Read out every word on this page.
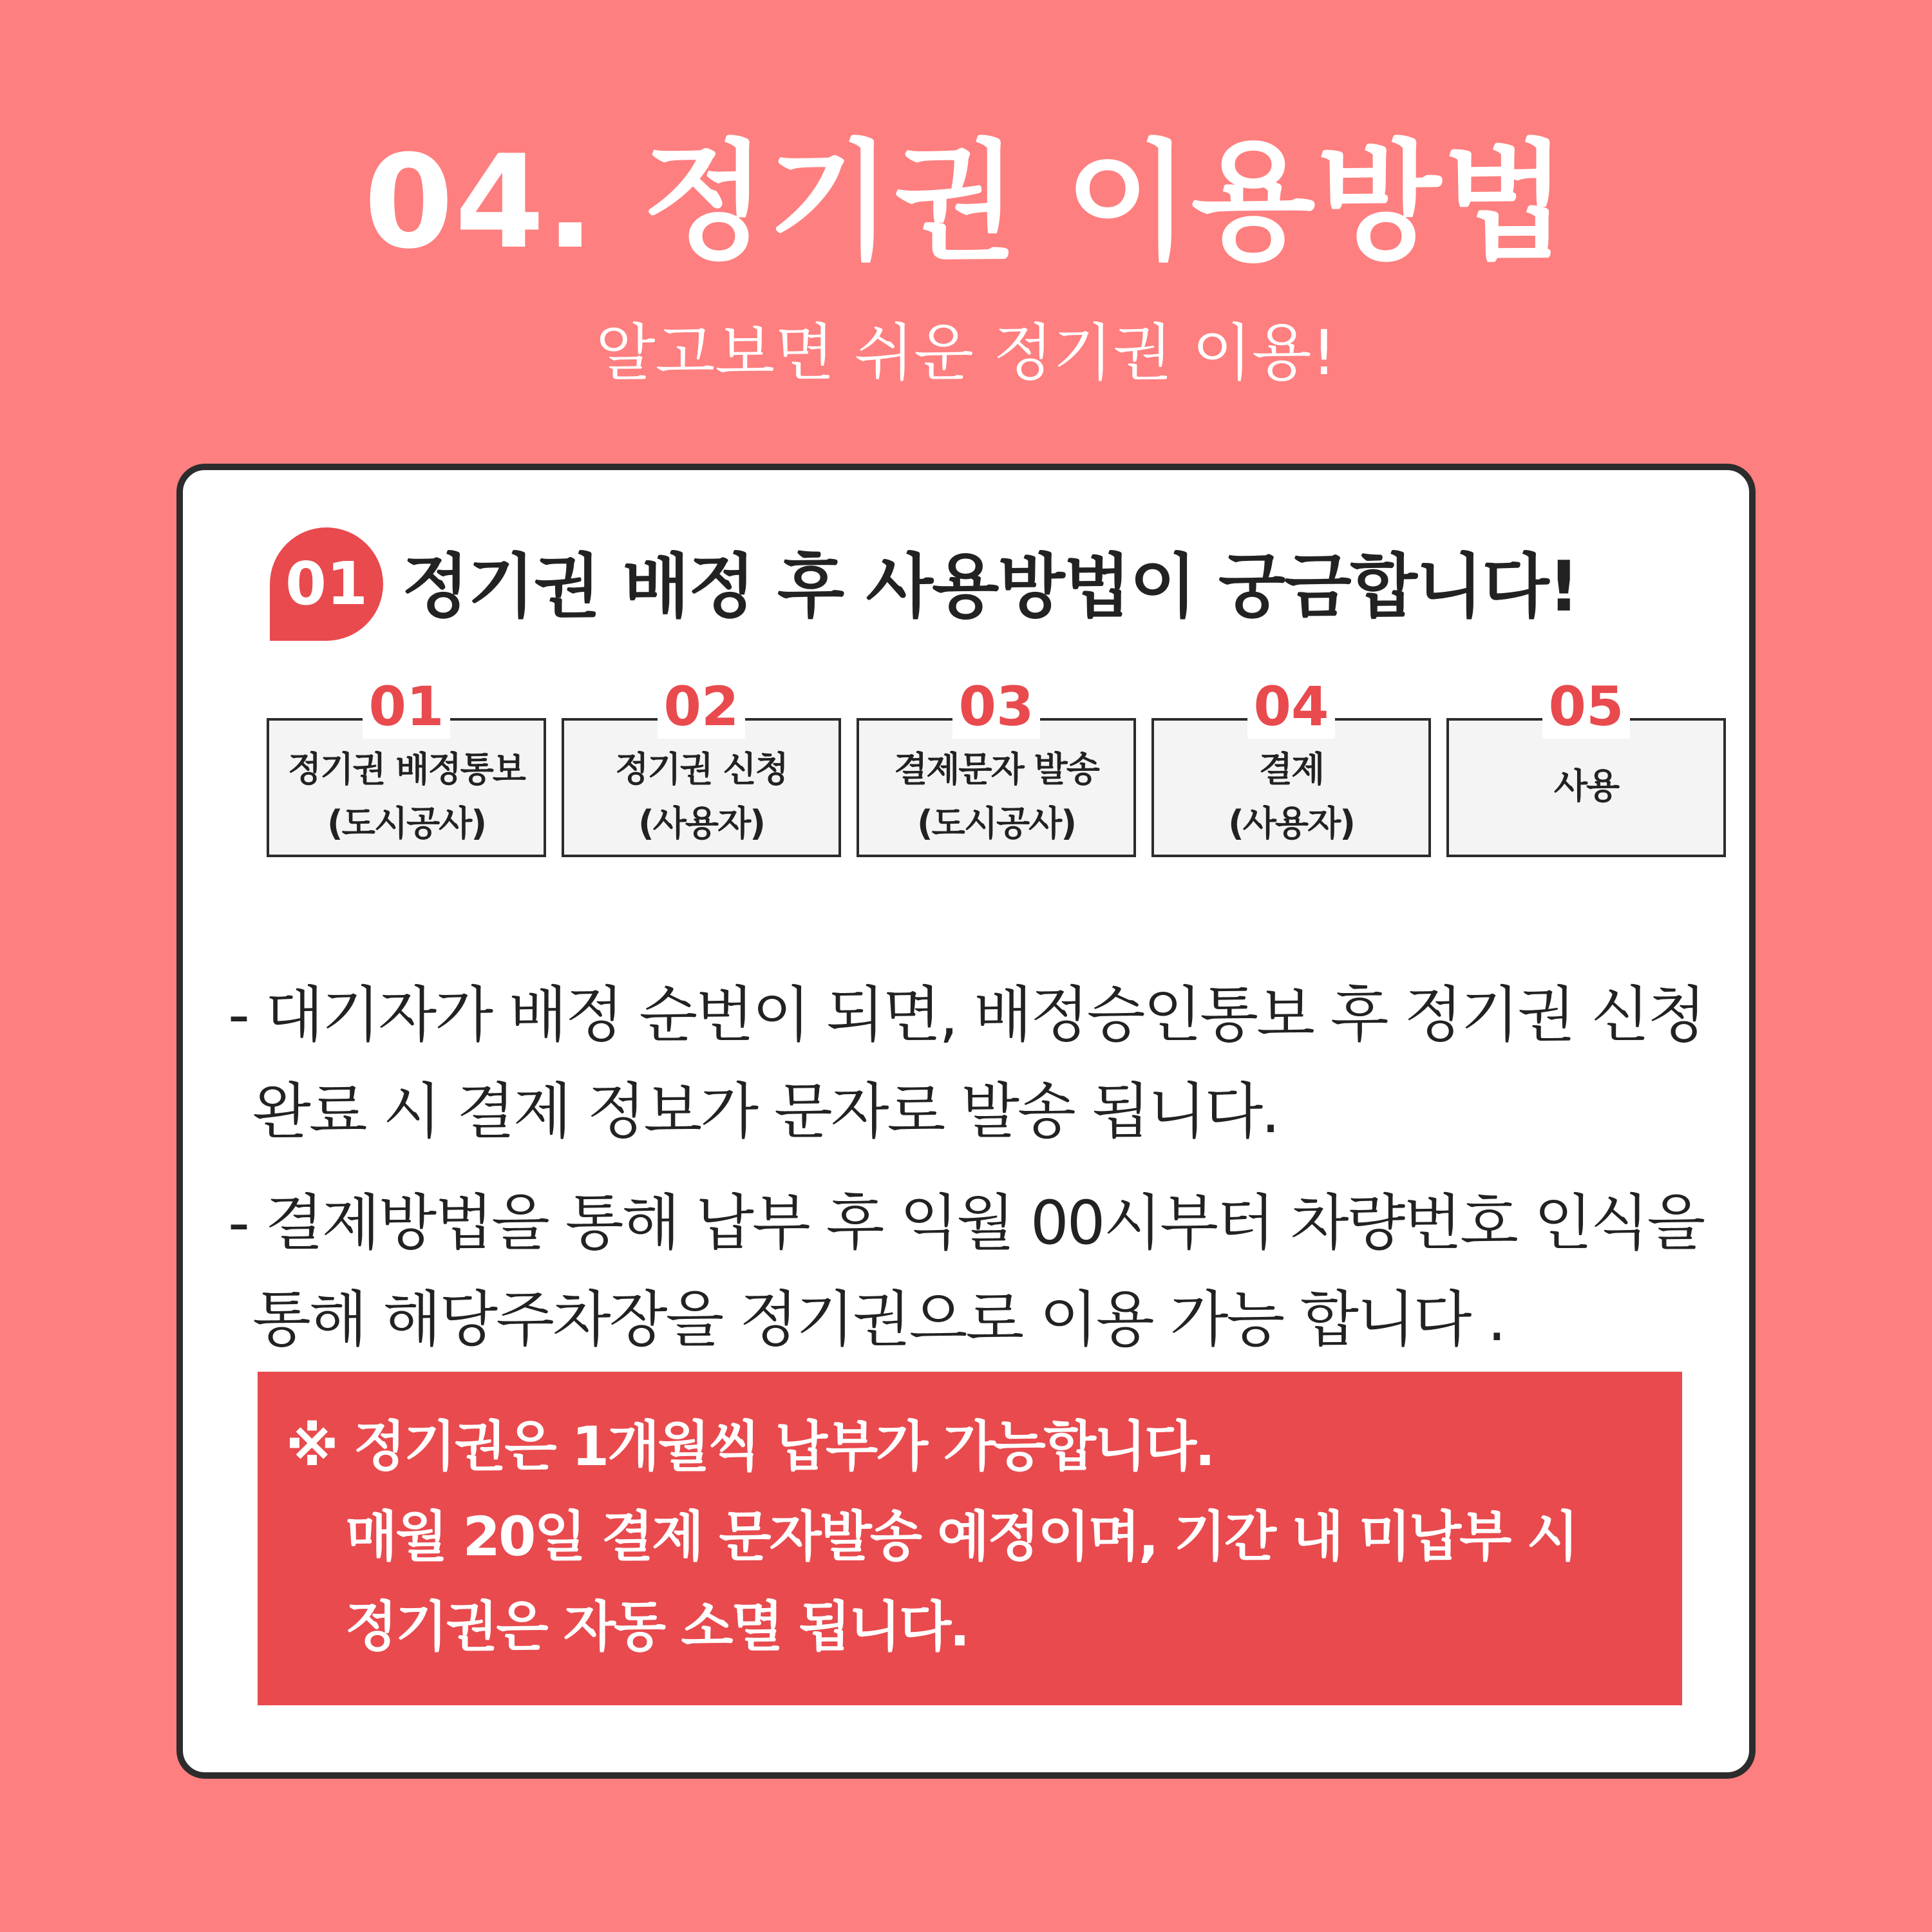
04. 정기권 이용방법

알고보면 쉬운 정기권 이용!

01 정기권 배정 후 사용방법이 궁금합니다!
01
정기권 배정통보
(도시공사)
02
정기권 신청
(사용자)
03
결제문자 발송
(도시공사)
04
결제
(사용자)
05
사용
- 대기자가 배정 순번이 되면, 배정승인통보 후 정기권 신청
완료 시 결제 정보가 문자로 발송 됩니다.
- 결제방법을 통해 납부 후 익월 00시부터 차량번호 인식을
통해 해당주차장을 정기권으로 이용 가능 합니다 .
※ 정기권은 1개월씩 납부가 가능합니다.
매월 20일 결제 문자발송 예정이며, 기간 내 미납부 시
정기권은 자동 소멸 됩니다.
